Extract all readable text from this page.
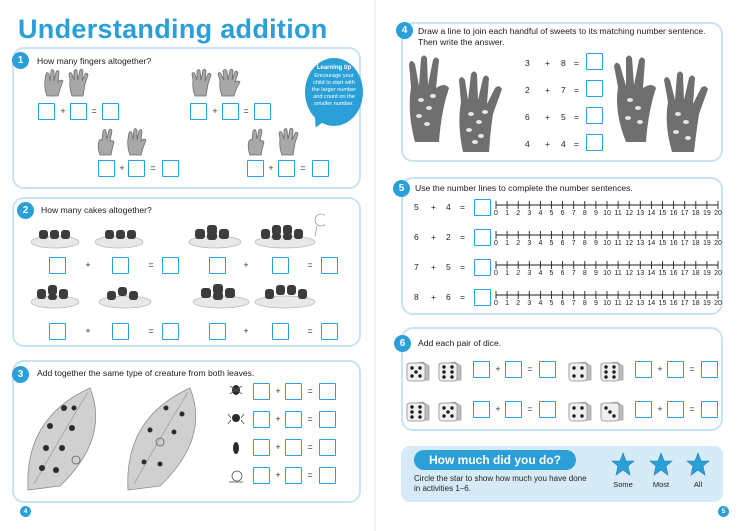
Understanding addition
1	How many fingers altogether?
+	=	+	=
+	=	+	=
Learning tip
Encourage your child to start with the larger number and count on the smaller number.
2	How many cakes altogether?
+	=	+	=
+	=	+	=
3	Add together the same type of creature from both leaves.
+	=
+	=
+	=
+	=
4
4	Draw a line to join each handful of sweets to its matching number sentence. Then write the answer.
3 + 8 =
2 + 7 =
6 + 5 =
4 + 4 =
5	Use the number lines to complete the number sentences.
5 + 4 =
0	1	2	3	4	5	6	7	8	9 10 11 12 13 14 15 16 17 18 19 20
6 + 2 =
0	1	2	3	4	5	6	7	8	9 10 11 12 13 14 15 16 17 18 19 20
7 + 5 =
0	1	2	3	4	5	6	7	8	9 10 11 12 13 14 15 16 17 18 19 20
8 + 6 =
0	1	2	3	4	5	6	7	8	9 10 11 12 13 14 15 16 17 18 19 20
6	Add each pair of dice.
+	=	+	=
+	=	+	=
How much did you do?
Circle the star to show how much you have done in activities 1–6.	Some	Most	All
5
